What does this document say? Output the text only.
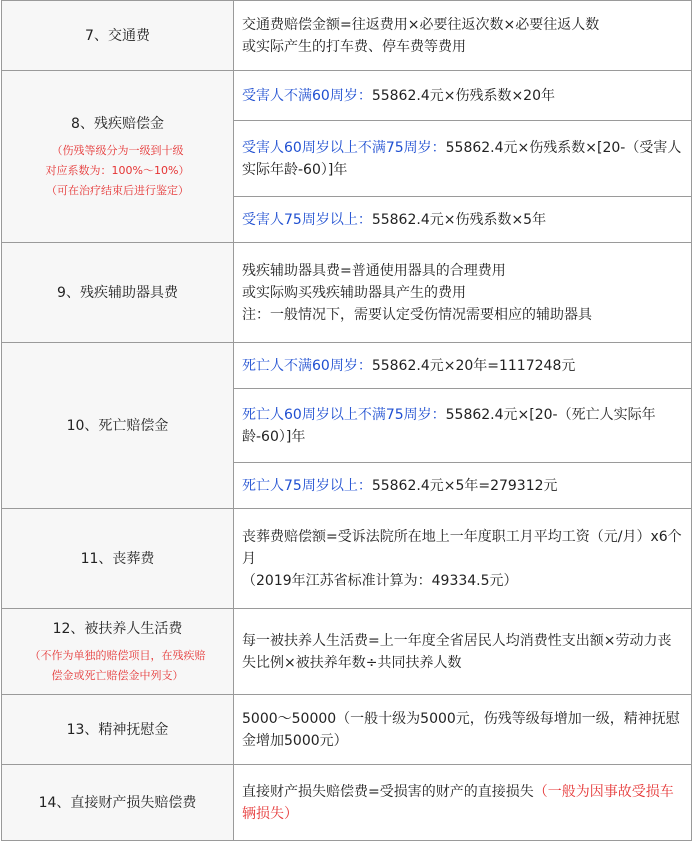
7、交通费	交通费赔偿金额=往返费用×必要往返次数×必要往返人数
或实际产生的打车费、停车费等费用

8、残疾赔偿金
（伤残等级分为一级到十级
对应系数为：100%～10%）
（可在治疗结束后进行鉴定）	受害人不满60周岁：55862.4元×伤残系数×20年
	受害人60周岁以上不满75周岁：55862.4元×伤残系数×[20-（受害人实际年龄-60）]年
	受害人75周岁以上：55862.4元×伤残系数×5年

9、残疾辅助器具费	残疾辅助器具费=普通使用器具的合理费用
或实际购买残疾辅助器具产生的费用
注：一般情况下，需要认定受伤情况需要相应的辅助器具

10、死亡赔偿金	死亡人不满60周岁：55862.4元×20年=1117248元
	死亡人60周岁以上不满75周岁：55862.4元×[20-（死亡人实际年龄-60）]年
	死亡人75周岁以上：55862.4元×5年=279312元

11、丧葬费	丧葬费赔偿额=受诉法院所在地上一年度职工月平均工资（元/月）x6个月
（2019年江苏省标准计算为：49334.5元）

12、被扶养人生活费
（不作为单独的赔偿项目，在残疾赔
偿金或死亡赔偿金中列支）	每一被扶养人生活费=上一年度全省居民人均消费性支出额×劳动力丧失比例×被扶养年数÷共同扶养人数

13、精神抚慰金	5000～50000（一般十级为5000元，伤残等级每增加一级，精神抚慰金增加5000元）

14、直接财产损失赔偿费	直接财产损失赔偿费=受损害的财产的直接损失（一般为因事故受损车辆损失）
